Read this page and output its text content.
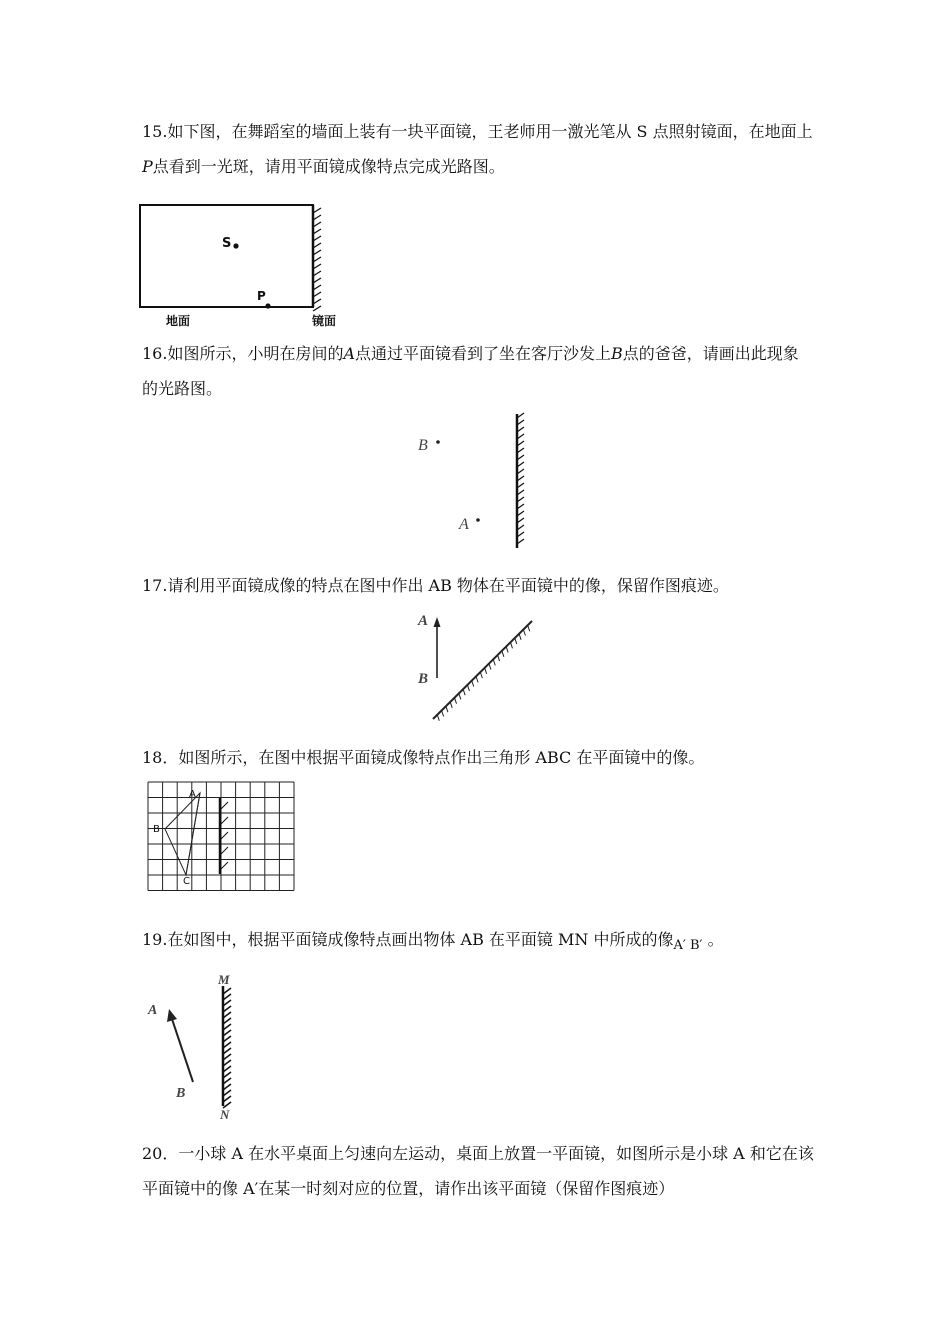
15.如下图，在舞蹈室的墙面上装有一块平面镜，王老师用一激光笔从 S 点照射镜面，在地面上 P点看到一光斑，请用平面镜成像特点完成光路图。

S
P
地面	镜面

16.如图所示，小明在房间的A点通过平面镜看到了坐在客厅沙发上B点的爸爸，请画出此现象的光路图。

B
A

17.请利用平面镜成像的特点在图中作出 AB 物体在平面镜中的像，保留作图痕迹。

A
B

18．如图所示，在图中根据平面镜成像特点作出三角形 ABC 在平面镜中的像。

A
B
C

19.在如图中，根据平面镜成像特点画出物体 AB 在平面镜 MN 中所成的像$_{A' B'}$ 。

M
N
A
B

20．一小球 A 在水平桌面上匀速向左运动，桌面上放置一平面镜，如图所示是小球 A 和它在该平面镜中的像 A′在某一时刻对应的位置，请作出该平面镜（保留作图痕迹）
